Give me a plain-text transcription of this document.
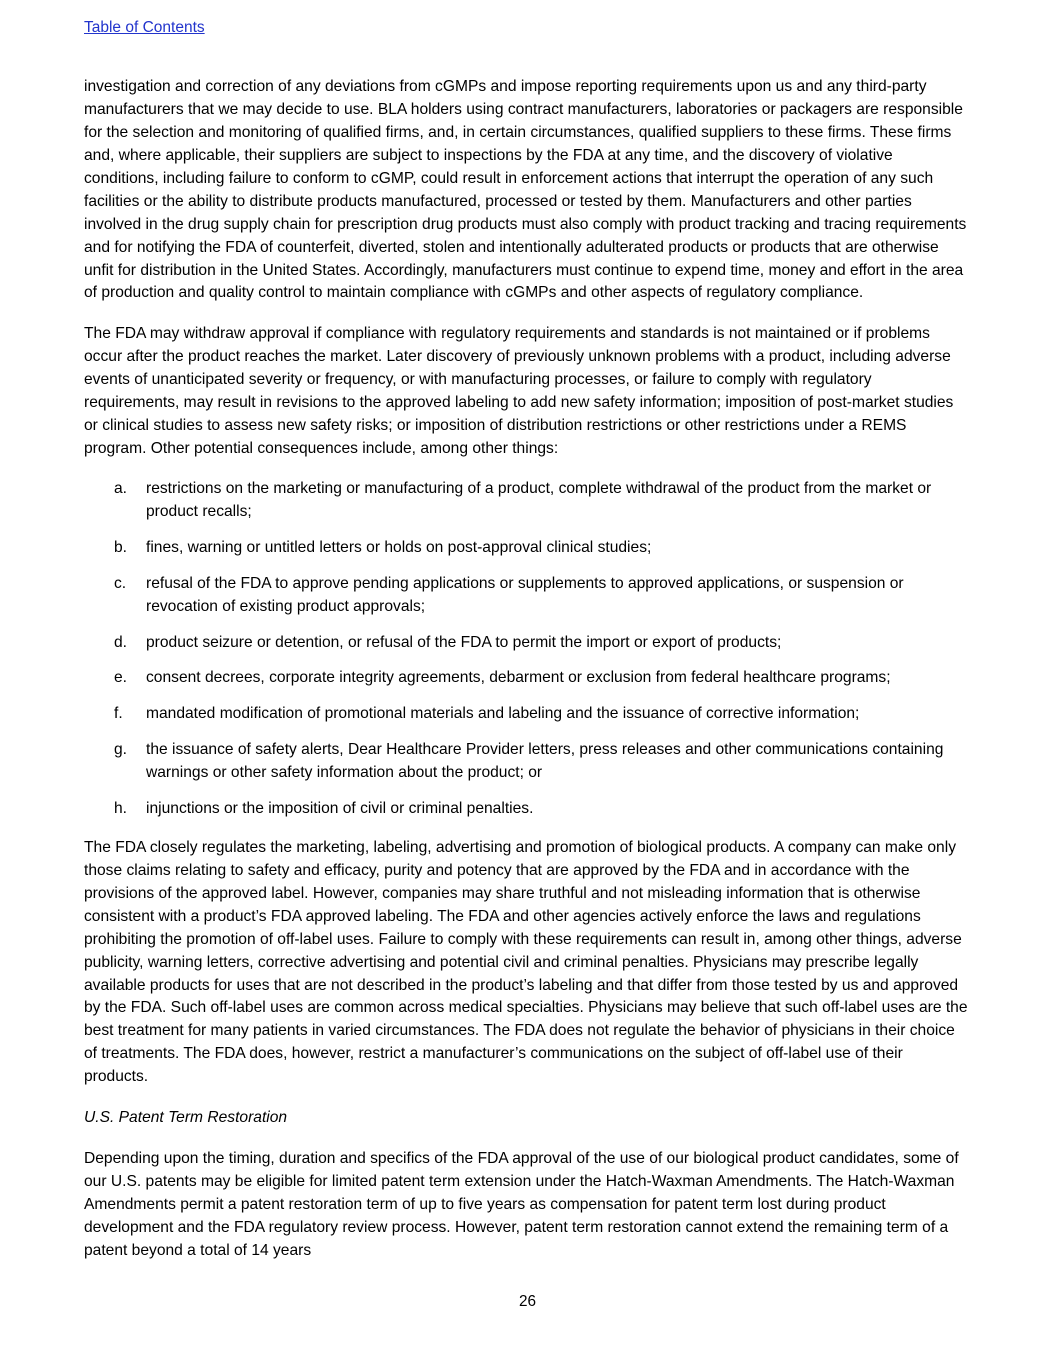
Table of Contents

investigation and correction of any deviations from cGMPs and impose reporting requirements upon us and any third-party manufacturers that we may decide to use. BLA holders using contract manufacturers, laboratories or packagers are responsible for the selection and monitoring of qualified firms, and, in certain circumstances, qualified suppliers to these firms. These firms and, where applicable, their suppliers are subject to inspections by the FDA at any time, and the discovery of violative conditions, including failure to conform to cGMP, could result in enforcement actions that interrupt the operation of any such facilities or the ability to distribute products manufactured, processed or tested by them. Manufacturers and other parties involved in the drug supply chain for prescription drug products must also comply with product tracking and tracing requirements and for notifying the FDA of counterfeit, diverted, stolen and intentionally adulterated products or products that are otherwise unfit for distribution in the United States. Accordingly, manufacturers must continue to expend time, money and effort in the area of production and quality control to maintain compliance with cGMPs and other aspects of regulatory compliance.

The FDA may withdraw approval if compliance with regulatory requirements and standards is not maintained or if problems occur after the product reaches the market. Later discovery of previously unknown problems with a product, including adverse events of unanticipated severity or frequency, or with manufacturing processes, or failure to comply with regulatory requirements, may result in revisions to the approved labeling to add new safety information; imposition of post-market studies or clinical studies to assess new safety risks; or imposition of distribution restrictions or other restrictions under a REMS program. Other potential consequences include, among other things:

a.	restrictions on the marketing or manufacturing of a product, complete withdrawal of the product from the market or product recalls;
b.	fines, warning or untitled letters or holds on post-approval clinical studies;
c.	refusal of the FDA to approve pending applications or supplements to approved applications, or suspension or revocation of existing product approvals;
d.	product seizure or detention, or refusal of the FDA to permit the import or export of products;
e.	consent decrees, corporate integrity agreements, debarment or exclusion from federal healthcare programs;
f.	mandated modification of promotional materials and labeling and the issuance of corrective information;
g.	the issuance of safety alerts, Dear Healthcare Provider letters, press releases and other communications containing warnings or other safety information about the product; or
h.	injunctions or the imposition of civil or criminal penalties.

The FDA closely regulates the marketing, labeling, advertising and promotion of biological products. A company can make only those claims relating to safety and efficacy, purity and potency that are approved by the FDA and in accordance with the provisions of the approved label. However, companies may share truthful and not misleading information that is otherwise consistent with a product’s FDA approved labeling. The FDA and other agencies actively enforce the laws and regulations prohibiting the promotion of off-label uses. Failure to comply with these requirements can result in, among other things, adverse publicity, warning letters, corrective advertising and potential civil and criminal penalties. Physicians may prescribe legally available products for uses that are not described in the product’s labeling and that differ from those tested by us and approved by the FDA. Such off-label uses are common across medical specialties. Physicians may believe that such off-label uses are the best treatment for many patients in varied circumstances. The FDA does not regulate the behavior of physicians in their choice of treatments. The FDA does, however, restrict a manufacturer’s communications on the subject of off-label use of their products.

U.S. Patent Term Restoration

Depending upon the timing, duration and specifics of the FDA approval of the use of our biological product candidates, some of our U.S. patents may be eligible for limited patent term extension under the Hatch-Waxman Amendments. The Hatch-Waxman Amendments permit a patent restoration term of up to five years as compensation for patent term lost during product development and the FDA regulatory review process. However, patent term restoration cannot extend the remaining term of a patent beyond a total of 14 years

26
